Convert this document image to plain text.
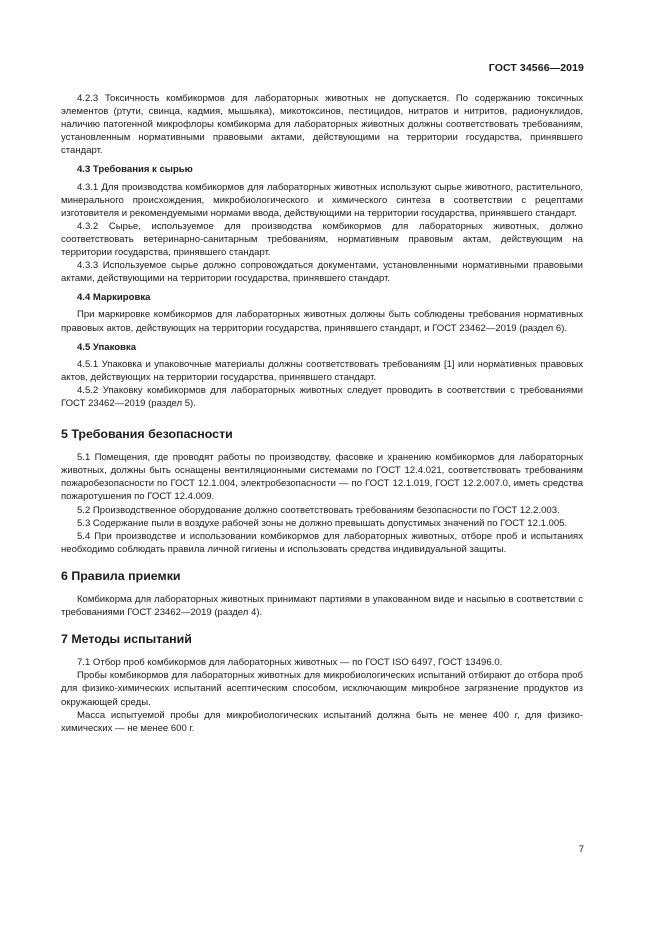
ГОСТ 34566—2019
4.2.3 Токсичность комбикормов для лабораторных животных не допускается. По содержанию токсичных элементов (ртути, свинца, кадмия, мышьяка), микотоксинов, пестицидов, нитратов и нитритов, радионуклидов, наличию патогенной микрофлоры комбикорма для лабораторных животных должны соответствовать требованиям, установленным нормативными правовыми актами, действующими на территории государства, принявшего стандарт.
4.3 Требования к сырью
4.3.1 Для производства комбикормов для лабораторных животных используют сырье животного, растительного, минерального происхождения, микробиологического и химического синтеза в соответствии с рецептами изготовителя и рекомендуемыми нормами ввода, действующими на территории государства, принявшего стандарт.
4.3.2 Сырье, используемое для производства комбикормов для лабораторных животных, должно соответствовать ветеринарно-санитарным требованиям, нормативным правовым актам, действующим на территории государства, принявшего стандарт.
4.3.3 Используемое сырье должно сопровождаться документами, установленными нормативными правовыми актами, действующими на территории государства, принявшего стандарт.
4.4 Маркировка
При маркировке комбикормов для лабораторных животных должны быть соблюдены требования нормативных правовых актов, действующих на территории государства, принявшего стандарт, и ГОСТ 23462—2019 (раздел 6).
4.5 Упаковка
4.5.1 Упаковка и упаковочные материалы должны соответствовать требованиям [1] или нормативных правовых актов, действующих на территории государства, принявшего стандарт.
4.5.2 Упаковку комбикормов для лабораторных животных следует проводить в соответствии с требованиями ГОСТ 23462—2019 (раздел 5).
5 Требования безопасности
5.1 Помещения, где проводят работы по производству, фасовке и хранению комбикормов для лабораторных животных, должны быть оснащены вентиляционными системами по ГОСТ 12.4.021, соответствовать требованиям пожаробезопасности по ГОСТ 12.1.004, электробезопасности — по ГОСТ 12.1.019, ГОСТ 12.2.007.0, иметь средства пожаротушения по ГОСТ 12.4.009.
5.2 Производственное оборудование должно соответствовать требованиям безопасности по ГОСТ 12.2.003.
5.3 Содержание пыли в воздухе рабочей зоны не должно превышать допустимых значений по ГОСТ 12.1.005.
5.4 При производстве и использовании комбикормов для лабораторных животных, отборе проб и испытаниях необходимо соблюдать правила личной гигиены и использовать средства индивидуальной защиты.
6 Правила приемки
Комбикорма для лабораторных животных принимают партиями в упакованном виде и насыпью в соответствии с требованиями ГОСТ 23462—2019 (раздел 4).
7 Методы испытаний
7.1 Отбор проб комбикормов для лабораторных животных — по ГОСТ ISO 6497, ГОСТ 13496.0.
Пробы комбикормов для лабораторных животных для микробиологических испытаний отбирают до отбора проб для физико-химических испытаний асептическим способом, исключающим микробное загрязнение продуктов из окружающей среды.
Масса испытуемой пробы для микробиологических испытаний должна быть не менее 400 г, для физико-химических — не менее 600 г.
7
